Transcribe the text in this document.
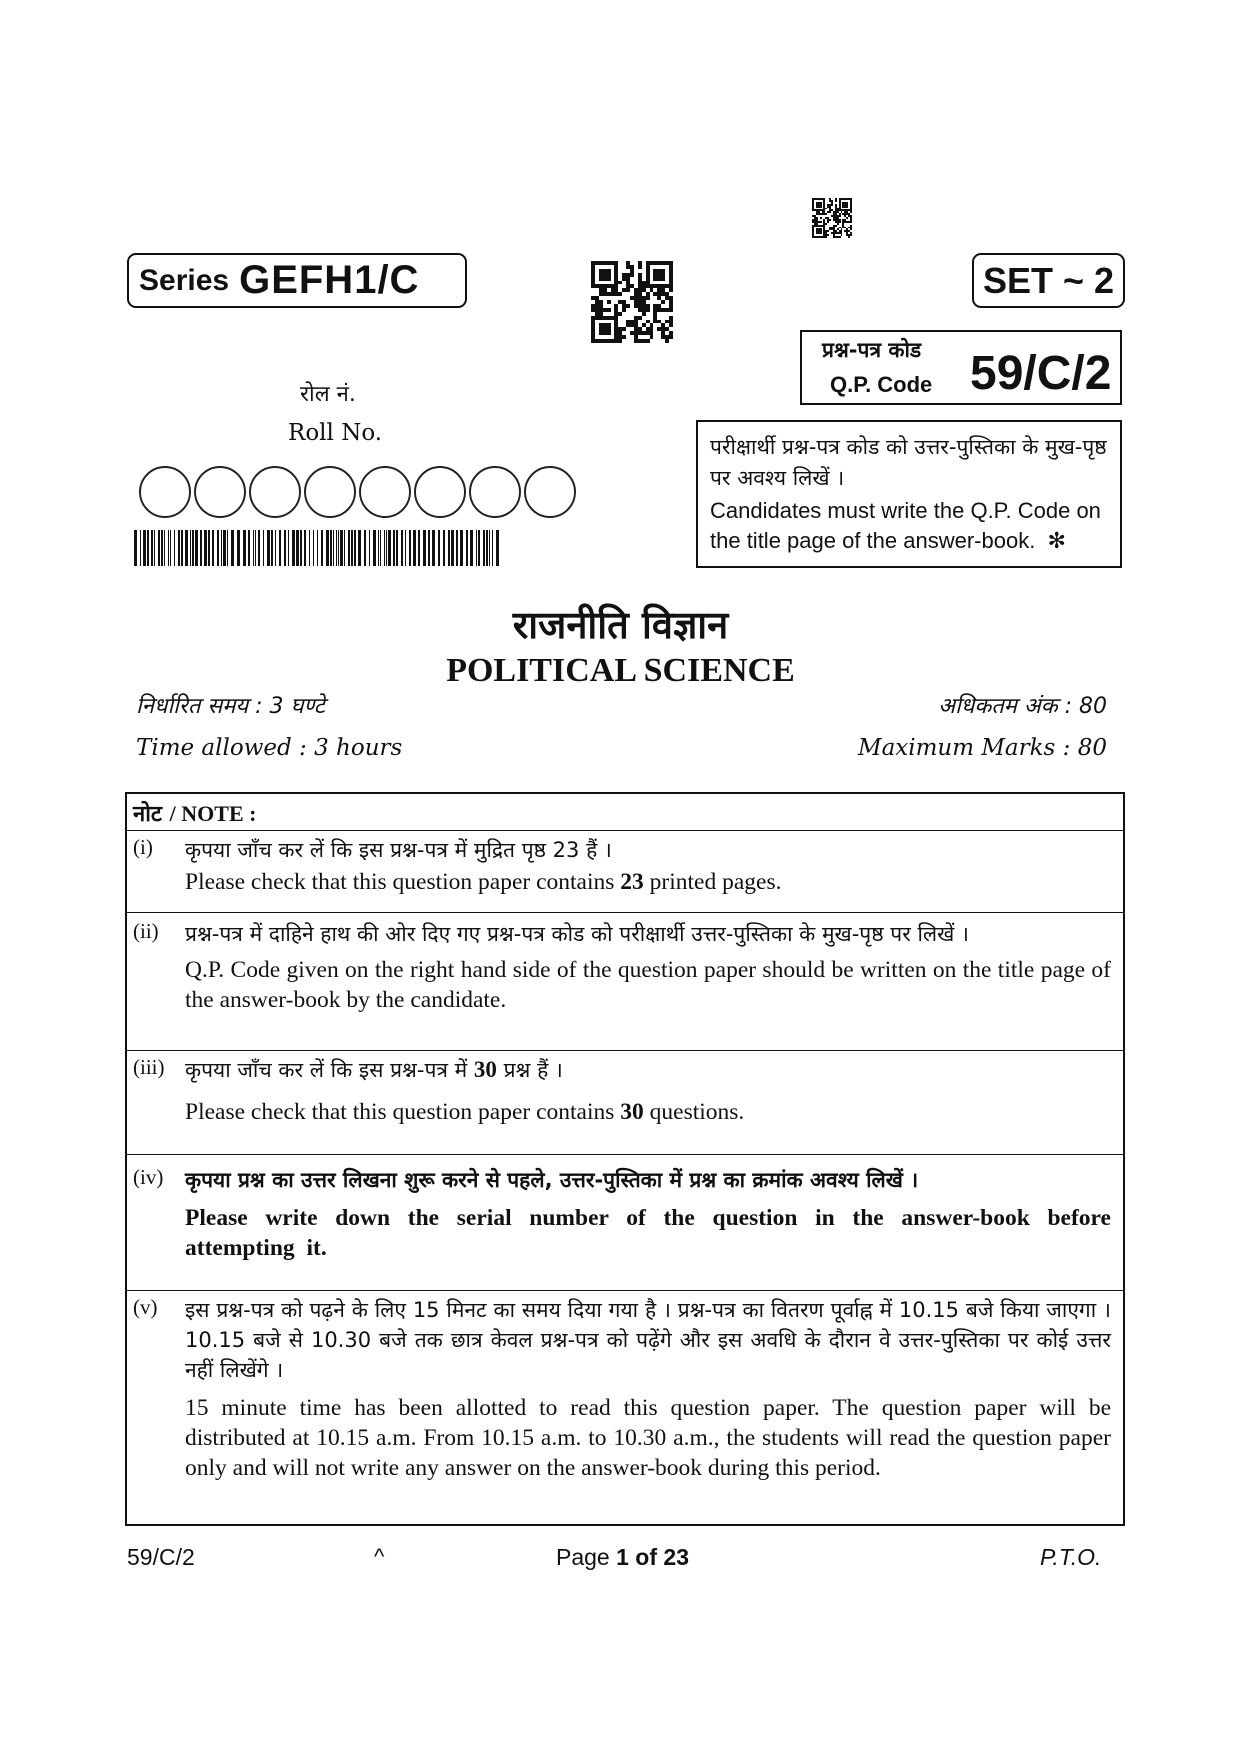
Series GEFH1/C	SET ~ 2
प्रश्न-पत्र कोड
Q.P. Code 59/C/2
रोल नं.
Roll No.
परीक्षार्थी प्रश्न-पत्र कोड को उत्तर-पुस्तिका के मुख-पृष्ठ पर अवश्य लिखें ।
Candidates must write the Q.P. Code on the title page of the answer-book. ✻
राजनीति विज्ञान
POLITICAL SCIENCE
निर्धारित समय : 3 घण्टे	अधिकतम अंक : 80
Time allowed : 3 hours	Maximum Marks : 80
नोट / NOTE :
(i) कृपया जाँच कर लें कि इस प्रश्न-पत्र में मुद्रित पृष्ठ 23 हैं ।
Please check that this question paper contains 23 printed pages.
(ii) प्रश्न-पत्र में दाहिने हाथ की ओर दिए गए प्रश्न-पत्र कोड को परीक्षार्थी उत्तर-पुस्तिका के मुख-पृष्ठ पर लिखें ।
Q.P. Code given on the right hand side of the question paper should be written on the title page of the answer-book by the candidate.
(iii) कृपया जाँच कर लें कि इस प्रश्न-पत्र में 30 प्रश्न हैं ।
Please check that this question paper contains 30 questions.
(iv) कृपया प्रश्न का उत्तर लिखना शुरू करने से पहले, उत्तर-पुस्तिका में प्रश्न का क्रमांक अवश्य लिखें ।
Please write down the serial number of the question in the answer-book before attempting it.
(v) इस प्रश्न-पत्र को पढ़ने के लिए 15 मिनट का समय दिया गया है । प्रश्न-पत्र का वितरण पूर्वाह्न में 10.15 बजे किया जाएगा । 10.15 बजे से 10.30 बजे तक छात्र केवल प्रश्न-पत्र को पढ़ेंगे और इस अवधि के दौरान वे उत्तर-पुस्तिका पर कोई उत्तर नहीं लिखेंगे ।
15 minute time has been allotted to read this question paper. The question paper will be distributed at 10.15 a.m. From 10.15 a.m. to 10.30 a.m., the students will read the question paper only and will not write any answer on the answer-book during this period.
59/C/2	^	Page 1 of 23	P.T.O.
